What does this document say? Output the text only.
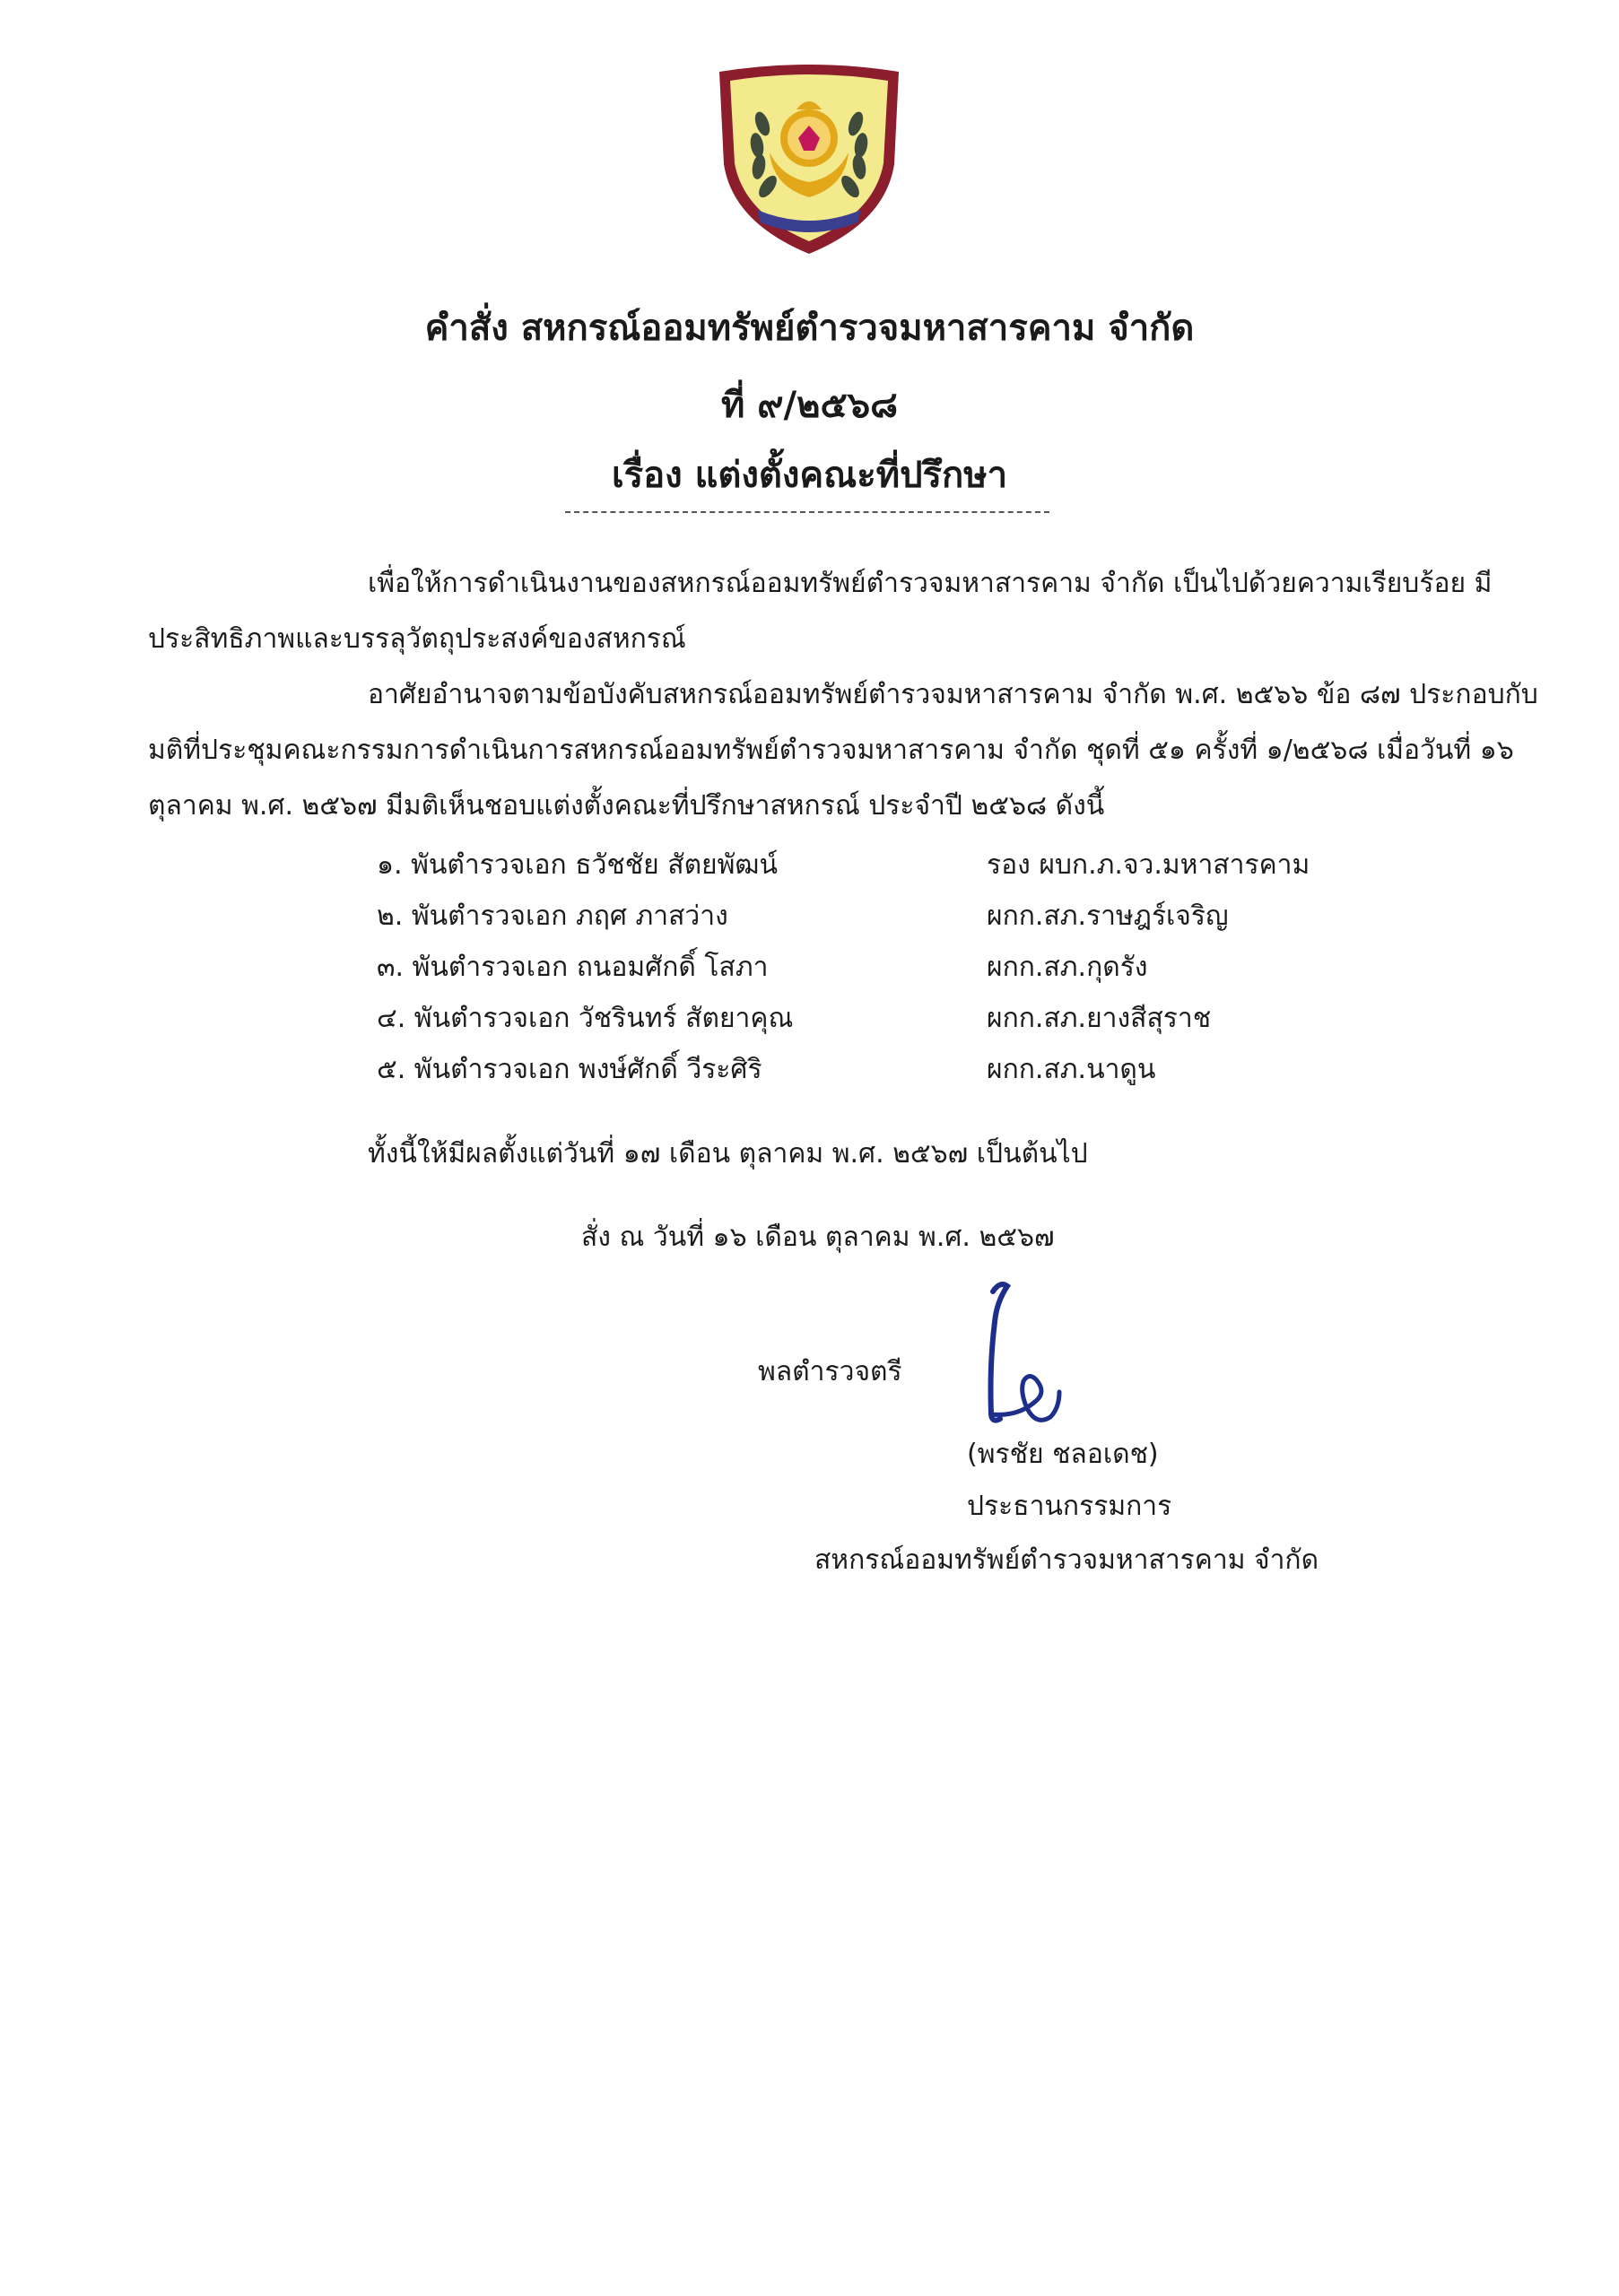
คำสั่ง สหกรณ์ออมทรัพย์ตำรวจมหาสารคาม จำกัด
ที่ ๙/๒๕๖๘
เรื่อง แต่งตั้งคณะที่ปรึกษา

เพื่อให้การดำเนินงานของสหกรณ์ออมทรัพย์ตำรวจมหาสารคาม จำกัด เป็นไปด้วยความเรียบร้อย มีประสิทธิภาพและบรรลุวัตถุประสงค์ของสหกรณ์

อาศัยอำนาจตามข้อบังคับสหกรณ์ออมทรัพย์ตำรวจมหาสารคาม จำกัด พ.ศ. ๒๕๖๖ ข้อ ๘๗ ประกอบกับมติที่ประชุมคณะกรรมการดำเนินการสหกรณ์ออมทรัพย์ตำรวจมหาสารคาม จำกัด ชุดที่ ๕๑ ครั้งที่ ๑/๒๕๖๘ เมื่อวันที่ ๑๖ ตุลาคม พ.ศ. ๒๕๖๗ มีมติเห็นชอบแต่งตั้งคณะที่ปรึกษาสหกรณ์ ประจำปี ๒๕๖๘ ดังนี้

๑. พันตำรวจเอก ธวัชชัย สัตยพัฒน์	รอง ผบก.ภ.จว.มหาสารคาม
๒. พันตำรวจเอก ภฤศ ภาสว่าง	ผกก.สภ.ราษฎร์เจริญ
๓. พันตำรวจเอก ถนอมศักดิ์ โสภา	ผกก.สภ.กุดรัง
๔. พันตำรวจเอก วัชรินทร์ สัตยาคุณ	ผกก.สภ.ยางสีสุราช
๕. พันตำรวจเอก พงษ์ศักดิ์ วีระศิริ	ผกก.สภ.นาดูน
ทั้งนี้ให้มีผลตั้งแต่วันที่ ๑๗ เดือน ตุลาคม พ.ศ. ๒๕๖๗ เป็นต้นไป
สั่ง ณ วันที่ ๑๖ เดือน ตุลาคม พ.ศ. ๒๕๖๗
พลตำรวจตรี
(พรชัย ชลอเดช)
ประธานกรรมการ
สหกรณ์ออมทรัพย์ตำรวจมหาสารคาม จำกัด
